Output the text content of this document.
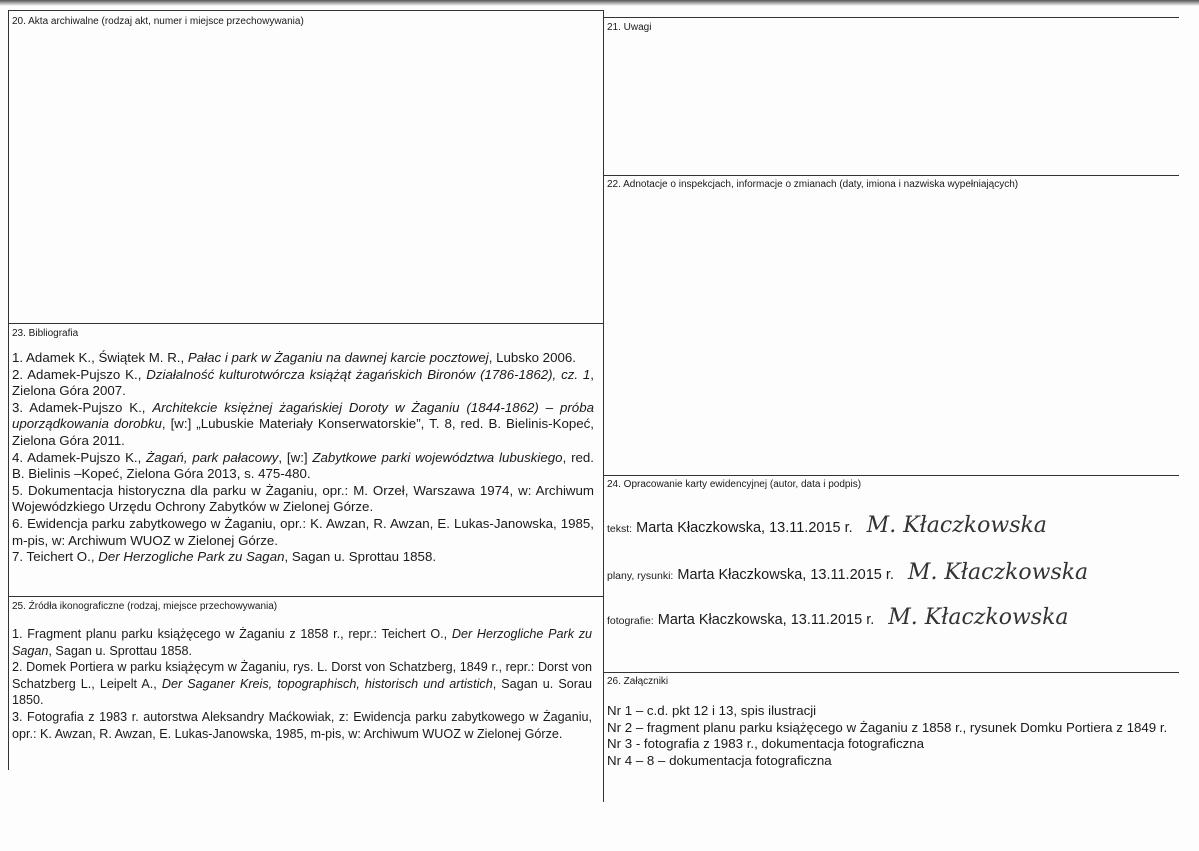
20. Akta archiwalne (rodzaj akt, numer i miejsce przechowywania)
21. Uwagi
22. Adnotacje o inspekcjach, informacje o zmianach (daty, imiona i nazwiska wypełniających)
23. Bibliografia
24. Opracowanie karty ewidencyjnej (autor, data i podpis)
25. Źródła ikonograficzne (rodzaj, miejsce przechowywania)
26. Załączniki

1. Adamek K., Świątek M. R., Pałac i park w Żaganiu na dawnej karcie pocztowej, Lubsko 2006.

2. Adamek-Pujszo K., Działalność kulturotwórcza książąt żagańskich Bironów (1786-1862), cz. 1, Zielona Góra 2007.

3. Adamek-Pujszo K., Architekcie księżnej żagańskiej Doroty w Żaganiu (1844-1862) – próba uporządkowania dorobku, [w:] „Lubuskie Materiały Konserwatorskie”, T. 8, red. B. Bielinis-Kopeć, Zielona Góra 2011.

4. Adamek-Pujszo K., Żagań, park pałacowy, [w:] Zabytkowe parki województwa lubuskiego, red. B. Bielinis –Kopeć, Zielona Góra 2013, s. 475-480.

5. Dokumentacja historyczna dla parku w Żaganiu, opr.: M. Orzeł, Warszawa 1974, w: Archiwum Wojewódzkiego Urzędu Ochrony Zabytków w Zielonej Górze.

6. Ewidencja parku zabytkowego w Żaganiu, opr.: K. Awzan, R. Awzan, E. Lukas-Janowska, 1985, m-pis, w: Archiwum WUOZ w Zielonej Górze.

7. Teichert O., Der Herzogliche Park zu Sagan, Sagan u. Sprottau 1858.

1. Fragment planu parku książęcego w Żaganiu z 1858 r., repr.: Teichert O., Der Herzogliche Park zu Sagan, Sagan u. Sprottau 1858.

2. Domek Portiera w parku książęcym w Żaganiu, rys. L. Dorst von Schatzberg, 1849 r., repr.: Dorst von Schatzberg L., Leipelt A., Der Saganer Kreis, topographisch, historisch und artistich, Sagan u. Sorau 1850.

3. Fotografia z 1983 r. autorstwa Aleksandry Maćkowiak, z: Ewidencja parku zabytkowego w Żaganiu, opr.: K. Awzan, R. Awzan, E. Lukas-Janowska, 1985, m-pis, w: Archiwum WUOZ w Zielonej Górze.

tekst: Marta Kłaczkowska, 13.11.2015 r. M. Kłaczkowska
plany, rysunki: Marta Kłaczkowska, 13.11.2015 r. M. Kłaczkowska
fotografie: Marta Kłaczkowska, 13.11.2015 r. M. Kłaczkowska

Nr 1 – c.d. pkt 12 i 13, spis ilustracji

Nr 2 – fragment planu parku książęcego w Żaganiu z 1858 r., rysunek Domku Portiera z 1849 r.

Nr 3 - fotografia z 1983 r., dokumentacja fotograficzna

Nr 4 – 8 – dokumentacja fotograficzna
